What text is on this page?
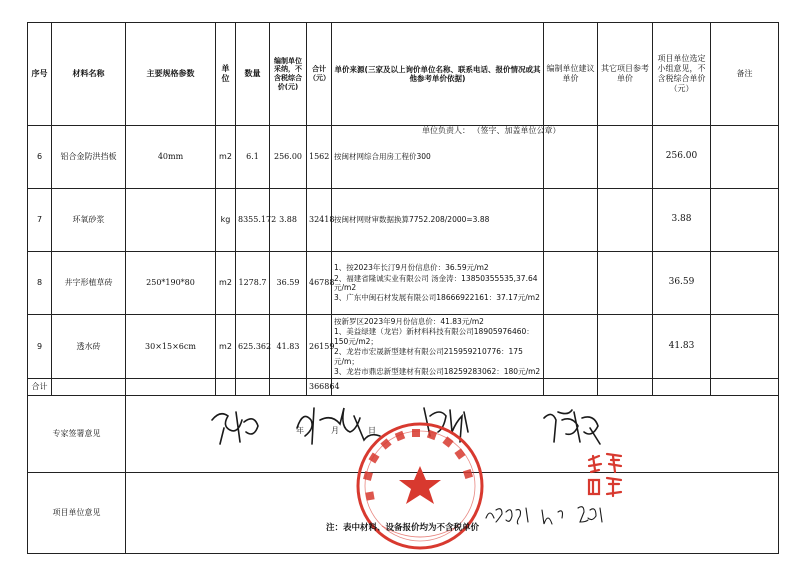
序号	材料名称	主要规格参数	单位	数量	编制单位采纳，不含税综合价(元)	合计（元）	单价来源(三家及以上询价单位名称、联系电话、报价情况或其他参考单价依据)	编制单位建议单价	其它项目参考单价	项目单位选定小组意见，不含税综合单价（元）	备注
6	铝合金防洪挡板	40mm	m2	6.1	256.00	1562	按闽材网综合用房工程价300			256.00	
7	环氧砂浆		kg	8355.172	3.88	32418	按闽材网财审数据换算7752.208/2000=3.88			3.88	
8	井字形植草砖	250*190*80	m2	1278.7	36.59	46788	1、按2023年长汀9月份信息价：36.59元/m2
2、福建省隆诚实业有限公司 汤金涛：13850355535,37.64元/m2
3、广东中闽石材发展有限公司18666922161：37.17元/m2			36.59	
9	透水砖	30×15×6cm	m2	625.362	41.83	26159	按新罗区2023年9月份信息价：41.83元/m2
1、美益绿建（龙岩）新材料科技有限公司18905976460：150元/m2；
2、龙岩市宏晟新型建材有限公司215959210776：175元/m；
3、龙岩市鼎忠新型建材有限公司18259283062：180元/m2			41.83	
合计						366864					
专家签署意见		年 月 日									

项目单位意见											
单位负责人： （签字、加盖单位公章）
注：表中材料、设备报价均为不含税单价
